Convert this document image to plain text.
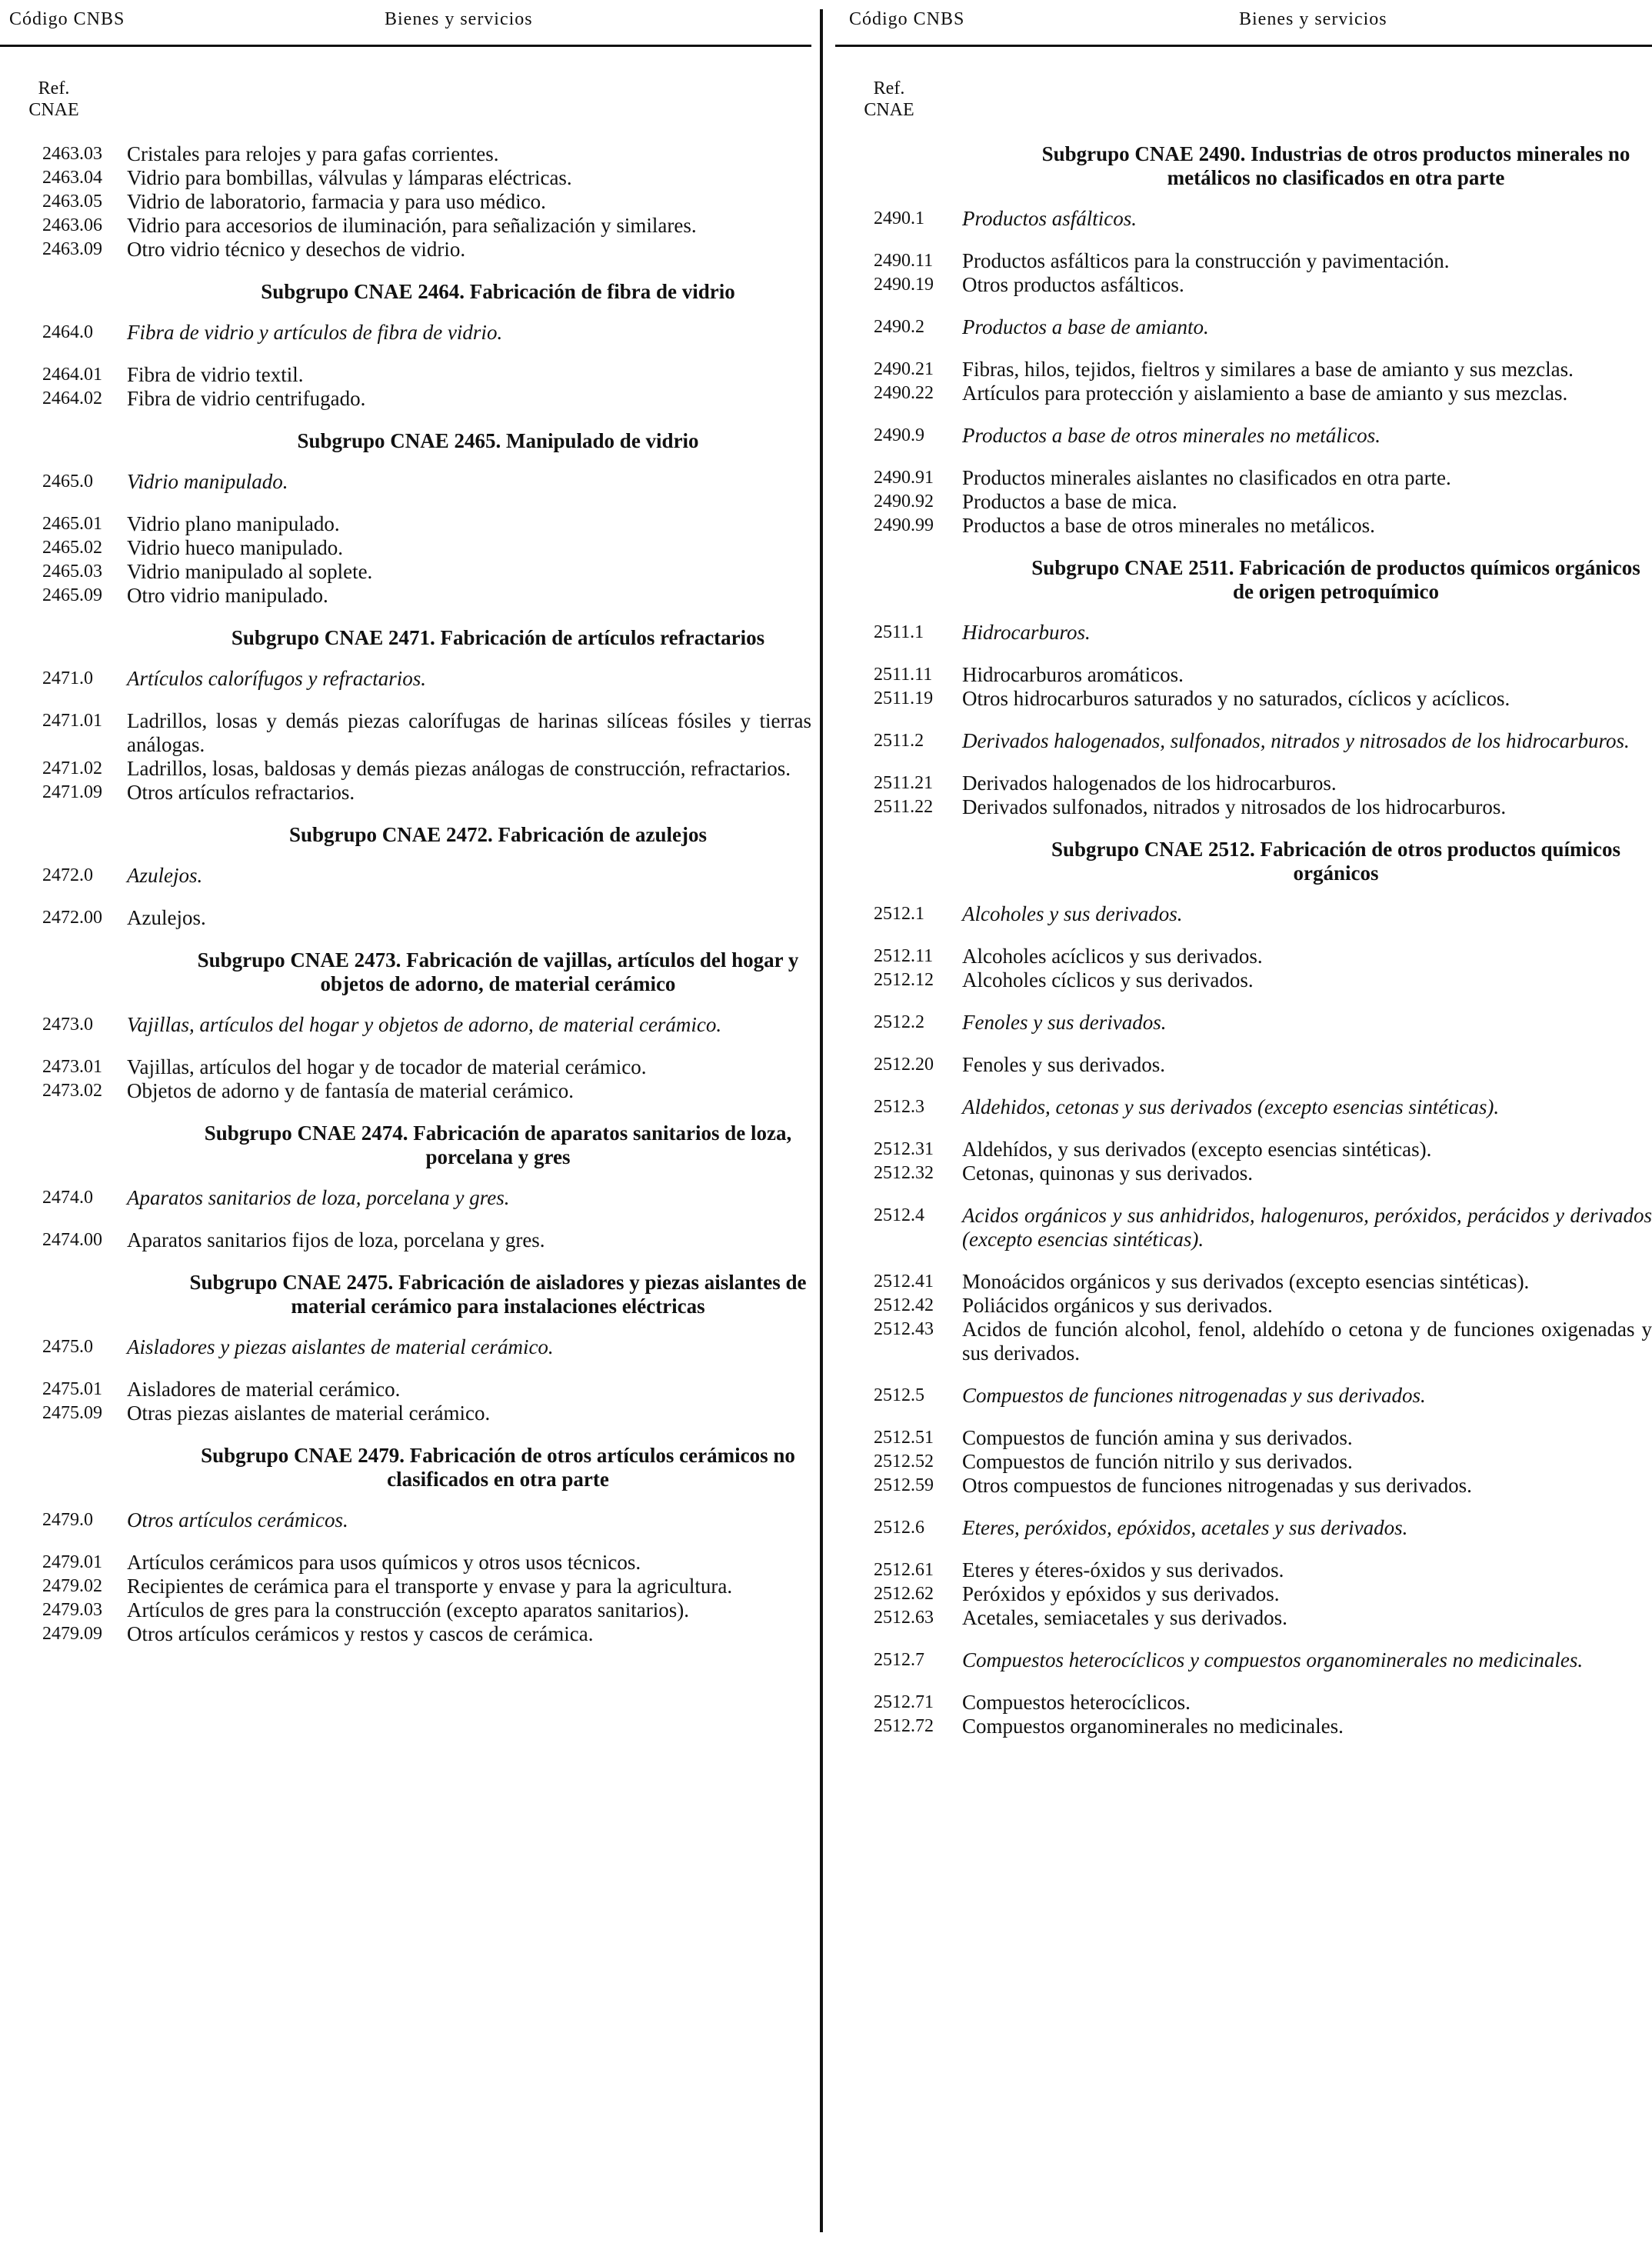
Código CNBS	Bienes y servicios
Ref. CNAE
2463.03	Cristales para relojes y para gafas corrientes.
2463.04	Vidrio para bombillas, válvulas y lámparas eléctricas.
2463.05	Vidrio de laboratorio, farmacia y para uso médico.
2463.06	Vidrio para accesorios de iluminación, para señalización y similares.
2463.09	Otro vidrio técnico y desechos de vidrio.
Subgrupo CNAE 2464. Fabricación de fibra de vidrio
2464.0	Fibra de vidrio y artículos de fibra de vidrio.
2464.01	Fibra de vidrio textil.
2464.02	Fibra de vidrio centrifugado.
Subgrupo CNAE 2465. Manipulado de vidrio
2465.0	Vidrio manipulado.
2465.01	Vidrio plano manipulado.
2465.02	Vidrio hueco manipulado.
2465.03	Vidrio manipulado al soplete.
2465.09	Otro vidrio manipulado.
Subgrupo CNAE 2471. Fabricación de artículos refractarios
2471.0	Artículos calorífugos y refractarios.
2471.01	Ladrillos, losas y demás piezas calorífugas de harinas silíceas fósiles y tierras análogas.
2471.02	Ladrillos, losas, baldosas y demás piezas análogas de construcción, refractarios.
2471.09	Otros artículos refractarios.
Subgrupo CNAE 2472. Fabricación de azulejos
2472.0	Azulejos.
2472.00	Azulejos.
Subgrupo CNAE 2473. Fabricación de vajillas, artículos del hogar y objetos de adorno, de material cerámico
2473.0	Vajillas, artículos del hogar y objetos de adorno, de material cerámico.
2473.01	Vajillas, artículos del hogar y de tocador de material cerámico.
2473.02	Objetos de adorno y de fantasía de material cerámico.
Subgrupo CNAE 2474. Fabricación de aparatos sanitarios de loza, porcelana y gres
2474.0	Aparatos sanitarios de loza, porcelana y gres.
2474.00	Aparatos sanitarios fijos de loza, porcelana y gres.
Subgrupo CNAE 2475. Fabricación de aisladores y piezas aislantes de material cerámico para instalaciones eléctricas
2475.0	Aisladores y piezas aislantes de material cerámico.
2475.01	Aisladores de material cerámico.
2475.09	Otras piezas aislantes de material cerámico.
Subgrupo CNAE 2479. Fabricación de otros artículos cerámicos no clasificados en otra parte
2479.0	Otros artículos cerámicos.
2479.01	Artículos cerámicos para usos químicos y otros usos técnicos.
2479.02	Recipientes de cerámica para el transporte y envase y para la agricultura.
2479.03	Artículos de gres para la construcción (excepto aparatos sanitarios).
2479.09	Otros artículos cerámicos y restos y cascos de cerámica.
Código CNBS	Bienes y servicios
Ref. CNAE
Subgrupo CNAE 2490. Industrias de otros productos minerales no metálicos no clasificados en otra parte
2490.1	Productos asfálticos.
2490.11	Productos asfálticos para la construcción y pavimentación.
2490.19	Otros productos asfálticos.
2490.2	Productos a base de amianto.
2490.21	Fibras, hilos, tejidos, fieltros y similares a base de amianto y sus mezclas.
2490.22	Artículos para protección y aislamiento a base de amianto y sus mezclas.
2490.9	Productos a base de otros minerales no metálicos.
2490.91	Productos minerales aislantes no clasificados en otra parte.
2490.92	Productos a base de mica.
2490.99	Productos a base de otros minerales no metálicos.
Subgrupo CNAE 2511. Fabricación de productos químicos orgánicos de origen petroquímico
2511.1	Hidrocarburos.
2511.11	Hidrocarburos aromáticos.
2511.19	Otros hidrocarburos saturados y no saturados, cíclicos y acíclicos.
2511.2	Derivados halogenados, sulfonados, nitrados y nitrosados de los hidrocarburos.
2511.21	Derivados halogenados de los hidrocarburos.
2511.22	Derivados sulfonados, nitrados y nitrosados de los hidrocarburos.
Subgrupo CNAE 2512. Fabricación de otros productos químicos orgánicos
2512.1	Alcoholes y sus derivados.
2512.11	Alcoholes acíclicos y sus derivados.
2512.12	Alcoholes cíclicos y sus derivados.
2512.2	Fenoles y sus derivados.
2512.20	Fenoles y sus derivados.
2512.3	Aldehidos, cetonas y sus derivados (excepto esencias sintéticas).
2512.31	Aldehídos, y sus derivados (excepto esencias sintéticas).
2512.32	Cetonas, quinonas y sus derivados.
2512.4	Acidos orgánicos y sus anhidridos, halogenuros, peróxidos, perácidos y derivados (excepto esencias sintéticas).
2512.41	Monoácidos orgánicos y sus derivados (excepto esencias sintéticas).
2512.42	Poliácidos orgánicos y sus derivados.
2512.43	Acidos de función alcohol, fenol, aldehído o cetona y de funciones oxigenadas y sus derivados.
2512.5	Compuestos de funciones nitrogenadas y sus derivados.
2512.51	Compuestos de función amina y sus derivados.
2512.52	Compuestos de función nitrilo y sus derivados.
2512.59	Otros compuestos de funciones nitrogenadas y sus derivados.
2512.6	Eteres, peróxidos, epóxidos, acetales y sus derivados.
2512.61	Eteres y éteres-óxidos y sus derivados.
2512.62	Peróxidos y epóxidos y sus derivados.
2512.63	Acetales, semiacetales y sus derivados.
2512.7	Compuestos heterocíclicos y compuestos organominerales no medicinales.
2512.71	Compuestos heterocíclicos.
2512.72	Compuestos organominerales no medicinales.
